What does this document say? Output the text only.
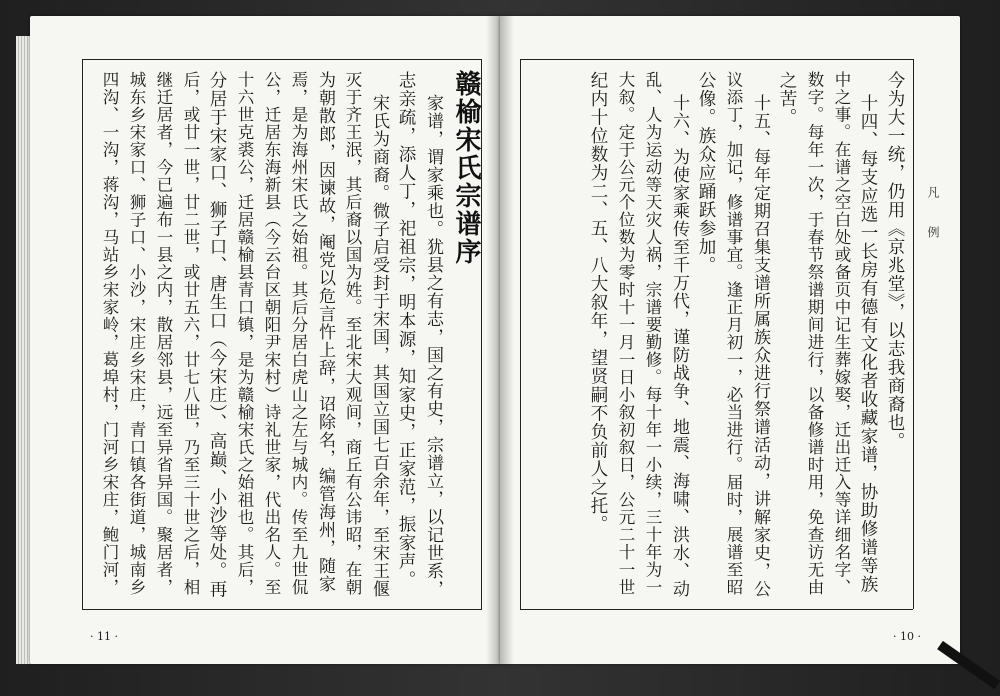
赣榆宋氏宗谱序
家谱，谓家乘也。犹县之有志，国之有史，宗谱立，以记世系，
志亲疏，添人丁，祀祖宗，明本源，知家史，正家范，振家声。
宋氏为商裔。微子启受封于宋国，其国立国七百余年，至宋王偃
灭于齐王泯，其后裔以国为姓。至北宋大观间，商丘有公讳昭，在朝
为朝散郎，因谏故，阉党以危言忤上辞，诏除名，编管海州，随家
焉，是为海州宋氏之始祖。其后分居白虎山之左与城内。传至九世侃
公，迁居东海新县（今云台区朝阳尹宋村）诗礼世家，代出名人。至
十六世克裘公，迁居赣榆县青口镇，是为赣榆宋氏之始祖也。其后，
分居于宋家口、狮子口、唐生口（今宋庄）、高巅、小沙等处。再
后，或廿一世，廿二世，或廿五六，廿七八世，乃至三十世之后，相
继迁居者，今已遍布一县之内，散居邻县，远至异省异国。聚居者，
城东乡宋家口、狮子口、小沙，宋庄乡宋庄，青口镇各街道，城南乡
四沟、一沟，蒋沟，马站乡宋家岭，葛埠村，门河乡宋庄，鲍门河，
· 11 ·
凡例
今为大一统，仍用《京兆堂》，以志我商裔也。
十四、每支应选一长房有德有文化者收藏家谱，协助修谱等族
中之事。在谱之空白处或备页中记生葬嫁娶，迁出迁入等详细名字、
数字。每年一次，于春节祭谱期间进行，以备修谱时用，免查访无由
之苦。
十五、每年定期召集支谱所属族众进行祭谱活动，讲解家史，公
议添丁，加记，修谱事宜。逢正月初一，必当进行。届时，展谱至昭
公像。族众应踊跃参加。
十六、为使家乘传至千万代，谨防战争、地震、海啸、洪水、动
乱、人为运动等天灾人祸，宗谱要勤修。每十年一小续，三十年为一
大叙。定于公元个位数为零时十一月一日小叙初叙日，公元二十一世
纪内十位数为二、五、八大叙年，望贤嗣不负前人之托。
· 10 ·
